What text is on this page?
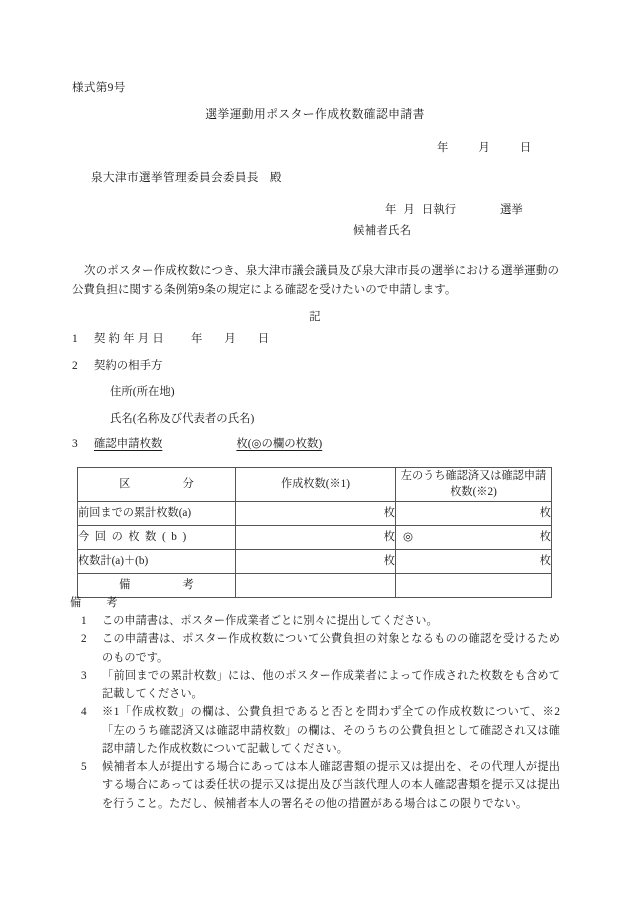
様式第9号
選挙運動用ポスター作成枚数確認申請書
年	月	日
泉大津市選挙管理委員会委員長 殿
年 月 日執行	選挙
候補者氏名
次のポスター作成枚数につき、泉大津市議会議員及び泉大津市長の選挙における選挙運動の公費負担に関する条例第9条の規定による確認を受けたいので申請します。
記
1 契約年月日 年 月 日
2 契約の相手方
住所(所在地)
氏名(名称及び代表者の氏名)
3 確認申請枚数	枚(◎の欄の枚数)
区　　分	作成枚数(※1)	左のうち確認済又は確認申請枚数(※2)
前回までの累計枚数(a)	枚	枚
今回の枚数(b)	枚	◎ 枚
枚数計(a)＋(b)	枚	枚
備　　考		
備　考
1	この申請書は、ポスター作成業者ごとに別々に提出してください。
2	この申請書は、ポスター作成枚数について公費負担の対象となるものの確認を受けるためのものです。
3	「前回までの累計枚数」には、他のポスター作成業者によって作成された枚数をも含めて記載してください。
4	※1「作成枚数」の欄は、公費負担であると否とを問わず全ての作成枚数について、※2「左のうち確認済又は確認申請枚数」の欄は、そのうちの公費負担として確認され又は確認申請した作成枚数について記載してください。
5	候補者本人が提出する場合にあっては本人確認書類の提示又は提出を、その代理人が提出する場合にあっては委任状の提示又は提出及び当該代理人の本人確認書類を提示又は提出を行うこと。ただし、候補者本人の署名その他の措置がある場合はこの限りでない。
